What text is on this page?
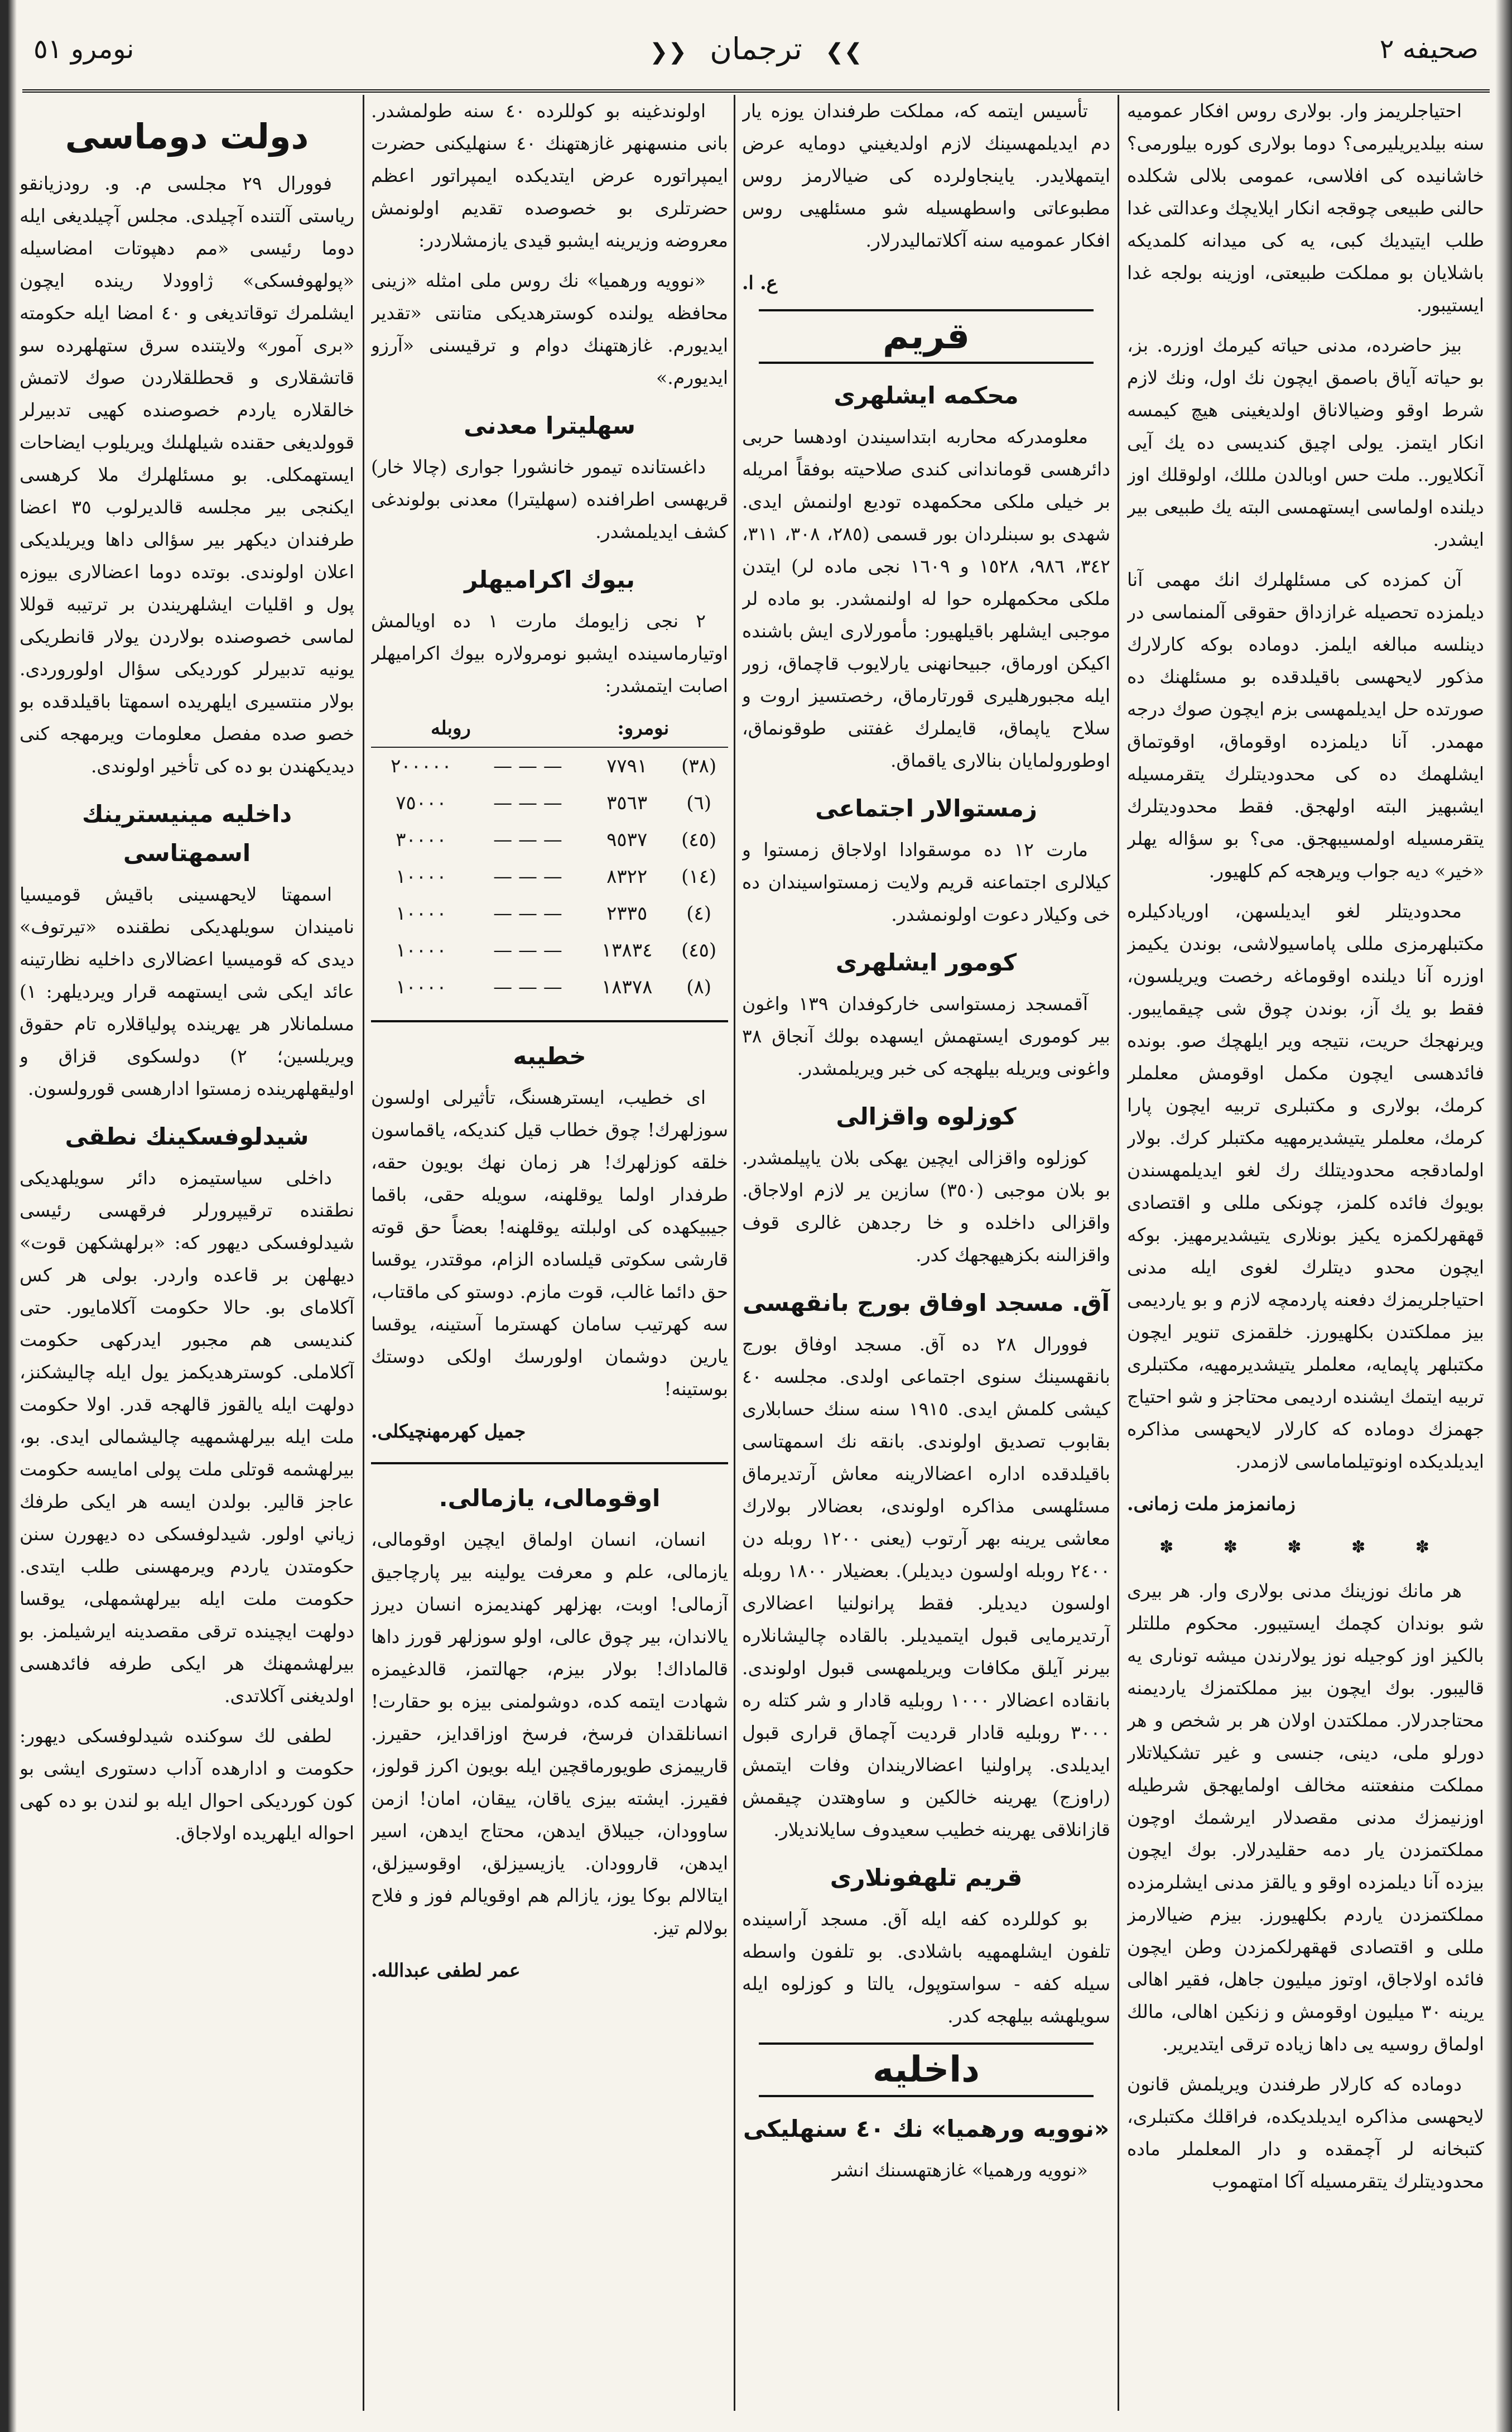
صحيفه ٢
❯❯ ترجمان ❮❮
نومرو ٥١

احتياجلريمز وار. بولارى روس افكار عموميه سنه بيلديريليرمى؟ دوما بولارى كوره بيلورمى؟ خاشانيده كى افلاسى، عمومى بلالى شكلده حالنى طبيعى چوقجه انكار ايلايچك وعدالتى غدا طلب ايتيديك كبى، يه كى ميدانه كلمديكه باشلايان بو مملكت طبيعتى، اوزينه بولجه غدا ايستيبور.

بيز حاضرده، مدنى حياته كيرمك اوزره. بز، بو حياته آياق باصمق ايچون نك اول، ونك لازم شرط اوقو وضيالاناق اولديغينى هيچ كيمسه انكار ايتمز. يولى اچيق كنديسى ده يك آيى آنكلايور.. ملت حس اوبالدن مللك، اولوقلك اوز ديلنده اولماسى ايستهمسى البته يك طبيعى بير ايشدر.

آن كمزده كى مسئلهلرك انك مهمى آنا ديلمزده تحصيله غرازداق حقوقى آلمنماسى در دينلسه مبالغه ايلمز. دوماده بوكه كارلارك مذكور لايحهسى باقيلدقده بو مسئلهنك ده صورتده حل ايديلمهسى بزم ايچون صوك درجه مهمدر. آنا ديلمزده اوقوماق، اوقوتماق ايشلهمك ده كى محدوديتلرك يتقرمسيله ايشبهيز البته اولهجق. فقط محدوديتلرك يتقرمسيله اولمسيبهجق. مى؟ بو سؤاله يهلر «خير» ديه جواب ويرهجه كم كلهيور.

محدوديتلر لغو ايديلسهن، اوريادكيلره مكتبلهرمزى مللى پاماسيولاشى، بوندن يكيمز اوزره آنا ديلنده اوقوماغه رخصت ويريلسون، فقط بو يك آز، بوندن چوق شى چيقمايبور. ويرنهجك حريت، نتيجه وير ايلهچك صو. بونده فائدهسى ايچون مكمل اوقومش معلملر كرمك، بولارى و مكتبلرى تربيه ايچون پارا كرمك، معلملر يتيشديرمهيه مكتبلر كرك. بولار اولمادقجه محدوديتلك رك لغو ايديلمهسندن بويوك فائده كلمز، چونكى مللى و اقتصادى قهقهرلكمزه يكيز بونلارى يتيشديرمهيز. بوكه ايچون محدو ديتلرك لغوى ايله مدنى احتياجلريمزك دفعنه پاردمچه لازم و بو يارديمى بيز مملكتدن بكلهيورز. خلقمزى تنوير ايچون مكتبلهر پاپمايه، معلملر يتيشديرمهيه، مكتبلرى تربيه ايتمك ايشنده ارديمى محتاجز و شو احتياج جهمزك دوماده كه كارلار لايحهسى مذاكره ايديلديكده اونوتيلماماسى لازمدر.

زمانمزمز ملت زمانى.

✽ ✽ ✽ ✽ ✽

هر مانك نوزينك مدنى بولارى وار. هر بيرى شو بوندان كچمك ايستيبور. محكوم مللتلر بالكيز اوز كوجيله نوز يولارندن ميشه تونارى يه قاليبور. بوك ايچون بيز مملكتمزك يارديمنه محتاجدرلار. مملكتدن اولان هر بر شخص و هر دورلو ملى، دينى، جنسى و غير تشكيلاتلار مملكت منفعتنه مخالف اولمايهجق شرطيله اوزنيمزك مدنى مقصدلار ايرشمك اوچون مملكتمزدن يار دمه حقليدرلار. بوك ايچون بيزده آنا ديلمزده اوقو و يالقز مدنى ايشلرمزده مملكتمزدن ياردم بكلهيورز. بيزم ضيالارمز مللى و اقتصادى قهقهرلكمزدن وطن ايچون فائده اولاجاق، اوتوز ميليون جاهل، فقير اهالى يرينه ٣٠ ميليون اوقومش و زنكين اهالى، مالك اولماق روسيه يى داها زياده ترقى ايتديرير.

دوماده كه كارلار طرفندن ويريلمش قانون لايحهسى مذاكره ايديلديكده، فراقلك مكتبلرى، كتبخانه لر آچمقده و دار المعلملر ماده محدوديتلرك يتقرمسيله آكا امتهموب

تأسيس ايتمه كه، مملكت طرفندان يوزه يار دم ايديلمهسينك لازم اولديغيني دومايه عرض ايتمهلايدر. ياينجاولرده كى ضيالارمز روس مطبوعاتى واسطهسيله شو مسئلهيى روس افكار عموميه سنه آكلاتماليدرلار.

ع. ا.

قريم
محكمه ايشلهرى

معلومدركه محاربه ابتداسيندن اودهسا حربى دائرهسى قوماندانى كندى صلاحيته بوفقاً امريله بر خيلى ملكى محكمهده توديع اولنمش ايدى. شهدى بو سبنلردان بور قسمى (٢٨٥، ٣٠٨، ٣١١، ٣٤٢، ٩٨٦، ١٥٢٨ و ١٦٠٩ نجى ماده لر) ايتدن ملكى محكمهلره حوا له اولنمشدر. بو ماده لر موجبى ايشلهر باقيلهيور: مأمورلارى ايش باشنده اكيكن اورماق، جبيحانهنى يارلايوب قاچماق، زور ايله مجبورهليرى قورتارماق، رخصتسيز اروت و سلاح ياپماق، قايملرك غفتنى طوقونماق، اوطورولمايان بنالارى ياقماق.

زمستوالار اجتماعى

مارت ١٢ ده موسقوادا اولاجاق زمستوا و كيلالرى اجتماعنه قريم ولايت زمستواسيندان ده خى وكيلار دعوت اولونمشدر.

كومور ايشلهرى

آقمسجد زمستواسى خاركوفدان ١٣٩ واغون بير كومورى ايستهمش ايسهده بولك آنجاق ٣٨ واغونى ويريله بيلهجه كى خبر ويريلمشدر.

كوزلوه واقزالى

كوزلوه واقزالى ايچين يهكى بلان ياپيلمشدر. بو بلان موجبى (٣٥٠) سازين ير لازم اولاجاق. واقزالى داخلده و خا رجدهن غالرى قوف واقزالىنه بكزهيهجهك كدر.

آق. مسجد اوفاق بورج بانقهسى

فوورال ٢٨ ده آق. مسجد اوفاق بورج بانقهسينك سنوى اجتماعى اولدى. مجلسه ٤٠ كيشى كلمش ايدى. ١٩١٥ سنه سنك حسابلارى بقابوب تصديق اولوندى. بانقه نك اسمهتاسى باقيلدقده اداره اعضالارينه معاش آرتديرماق مسئلهسى مذاكره اولوندى، بعضالار بولارك معاشى يرينه بهر آرتوب (يعنى ١٢٠٠ روبله دن ٢٤٠٠ روبله اولسون ديديلر). بعضيلار ١٨٠٠ روبله اولسون ديديلر. فقط پرانولنيا اعضالارى آرتديرمايى قبول ايتميديلر. بالقاده چاليشانلاره بيرنر آيلق مكافات ويريلمهسى قبول اولوندى. بانقاده اعضالار ١٠٠٠ روبليه قادار و شر كتله ره ٣٠٠٠ روبليه قادار قرديت آچماق قرارى قبول ايديلدى. پراولنيا اعضالاريندان وفات ايتمش (راوزج) يهرينه خالكين و ساوهتدن چيقمش قازانلاقى يهرينه خطيب سعيدوف سايلانديلار.

قريم تلهفونلارى

بو كوللرده كفه ايله آق. مسجد آراسينده تلفون ايشلهمهيه باشلادى. بو تلفون واسطه سيله كفه - سواستوپول، يالتا و كوزلوه ايله سويلهشه بيلهجه كدر.

داخليه
«نوويه ورهميا» نك ٤٠ سنهليكى

«نوويه ورهميا» غازهتهسىنك انشر

اولوندغينه بو كوللرده ٤٠ سنه طولمشدر. بانى منسهنهر غازهتهنك ٤٠ سنهليكنى حضرت ايمپراتوره عرض ايتديكده ايمپراتور اعظم حضرتلرى بو خصوصده تقديم اولونمش معروضه وزيرينه ايشبو قيدى يازمشلاردر:

«نوويه ورهميا» نك روس ملى امثله «زينى محافظه يولنده كوسترهديكى متانتى «تقدير ايديورم. غازهتهنك دوام و ترقيسنى «آرزو ايديورم.»

سهليترا معدنى

داغستانده تيمور خانشورا جوارى (چالا خار) قريهسى اطرافنده (سهليترا) معدنى بولوندغى كشف ايديلمشدر.

بيوك اكراميهلر

٢ نجى زايومك مارت ١ ده اويالمش اوتيارماسينده ايشبو نومرولاره بيوك اكراميهلر اصابت ايتمشدر:

	نومرو:		روبله
(٣٨)	٧٧٩١	— — —	٢٠٠٠٠٠
(٦)	٣٥٦٣	— — —	٧٥٠٠٠
(٤٥)	٩٥٣٧	— — —	٣٠٠٠٠
(١٤)	٨٣٢٢	— — —	١٠٠٠٠
(٤)	٢٣٣٥	— — —	١٠٠٠٠
(٤٥)	١٣٨٣٤	— — —	١٠٠٠٠
(٨)	١٨٣٧٨	— — —	١٠٠٠٠
خطيبه

اى خطيب، ايسترهسنگ، تأثيرلى اولسون سوزلهرك! چوق خطاب قيل كنديكه، ياقماسون خلقه كوزلهرك! هر زمان نهك بويون حقه، طرفدار اولما يوقلهنه، سويله حقى، باقما جيبيكهده كى اولبلته يوقلهنه! بعضاً حق قوته قارشى سكوتى قيلساده الزام، موقتدر، يوقسا حق دائما غالب، قوت مازم. دوستو كى ماقتاب، سه كهرتيب سامان كهسترما آستينه، يوقسا يارين دوشمان اولورسك اولكى دوستك بوستينه!

جميل كهرمهنچيكلى.

اوقومالى، يازمالى.

انسان، انسان اولماق ايچين اوقومالى، يازمالى، علم و معرفت يولينه بير پارچاجيق آزمالى! اوبت، بهزلهر كهنديمزه انسان ديرز يالاندان، بير چوق عالى، اولو سوزلهر قورز داها قالماداك! بولار بيزم، جهالتمز، قالدغيمزه شهادت ايتمه كده، دوشولمنى بيزه بو حقارت! انسانلقدان فرسخ، فرسخ اوزاقدايز، حقيرز. قارييمزى طويورماقچين ايله بويون اكرز قولوز، فقيرز. ايشته بيزى ياقان، ييقان، امان! ازمن ساوودان، جيبلاق ايدهن، محتاج ايدهن، اسير ايدهن، قاروودان. يازيسيزلق، اوقوسيزلق، ايتالالم بوكا يوز، يازالم هم اوقويالم فوز و فلاح بولالم تيز.

عمر لطفى عبدالله.

دولت دوماسى

فوورال ٢٩ مجلسى م. و. رودزيانقو رياستى آلتنده آچيلدى. مجلس آچيلديغى ايله دوما رئيسى «مم دهپوتات امضاسيله «پولهوفسكى» ژاوودلا رينده ايچون ايشلمرك توقاتديغى و ٤٠ امضا ايله حكومته «برى آمور» ولايتنده سرق ستهلهرده سو قاتشقلارى و قحطلقلاردن صوك لاتمش خالقلاره ياردم خصوصنده كهيى تدبيرلر قوولديغى حقنده شيلهلىك ويريلوب ايضاحات ايستهمكلى. بو مسئلهلرك ملا كرهسى ايكنجى بير مجلسه قالديرلوب ٣٥ اعضا طرفندان ديكهر بير سؤالى داها ويريلديكى اعلان اولوندى. بوتده دوما اعضالارى بيوزه پول و اقليات ايشلهريندن بر ترتيبه قوللا لماسى خصوصنده بولاردن يولار قانطريكى يونيه تدبيرلر كورديكى سؤال اولوروردى. بولار منتسيرى ايلهريده اسمهتا باقيلدقده بو خصو صده مفصل معلومات ويرمهجه كنى ديديكهندن بو ده كى تأخير اولوندى.

داخليه مينيسترينك اسمهتاسى

اسمهتا لايحهسينى باقيش قوميسيا ناميندان سويلهديكى نطقنده «تيرتوف» ديدى كه قوميسيا اعضالارى داخليه نظارتينه عائد ايكى شى ايستهمه قرار ويرديلهر: ١) مسلمانلار هر يهرينده پولياقلاره تام حقوق ويريلسين؛ ٢) دولسكوى قزاق و اوليقهلهرينده زمستوا ادارهسى قورولسون.

شيدلوفسكينك نطقى

داخلى سياستيمزه دائر سويلهديكى نطقنده ترقيپرورلر فرقهسى رئيسى شيدلوفسكى ديهور كه: «برلهشكهن قوت» ديهلهن بر قاعده واردر. بولى هر كس آكلاماى بو. حالا حكومت آكلامايور. حتى كنديسى هم مجبور ايدركهى حكومت آكلاملى. كوسترهديكمز يول ايله چاليشكنز، دولهت ايله يالقوز قالهجه قدر. اولا حكومت ملت ايله بيرلهشمهيه چاليشمالى ايدى. بو، بيرلهشمه قوتلى ملت پولى امايسه حكومت عاجز قالير. بولدن ايسه هر ايكى طرفك زياني اولور. شيدلوفسكى ده ديهورن سنن حكومتدن ياردم ويرمهسنى طلب ايتدى. حكومت ملت ايله بيرلهشمهلى، يوقسا دولهت ايچينده ترقى مقصدينه ايرشيلمز. بو بيرلهشمهنك هر ايكى طرفه فائدهسى اولديغنى آكلاتدى.

لطفى لك سوكنده شيدلوفسكى ديهور: حكومت و ادارهده آداب دستورى ايشى بو كون كورديكى احوال ايله بو لندن بو ده كهى احواله ايلهريده اولاجاق.
